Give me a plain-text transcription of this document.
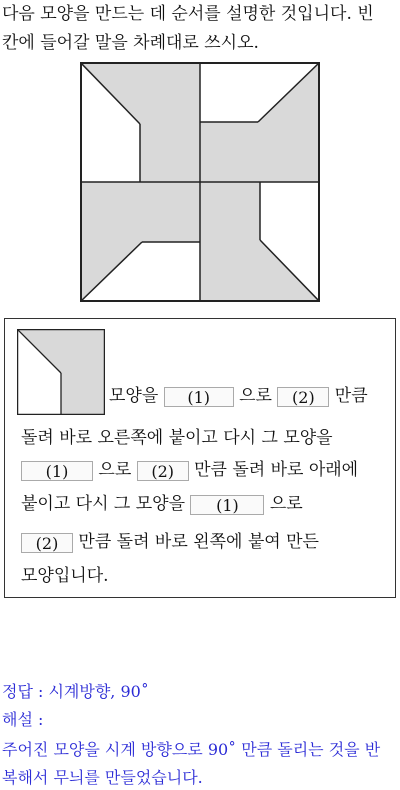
다음 모양을 만드는 데 순서를 설명한 것입니다. 빈
칸에 들어갈 말을 차례대로 쓰시오.
모양을 (1) 으로 (2) 만큼
돌려 바로 오른쪽에 붙이고 다시 그 모양을
(1) 으로 (2) 만큼 돌려 바로 아래에
붙이고 다시 그 모양을 (1) 으로
(2) 만큼 돌려 바로 왼쪽에 붙여 만든
모양입니다.
정답 : 시계방향, 90˚
해설 :
주어진 모양을 시계 방향으로 90˚ 만큼 돌리는 것을 반
복해서 무늬를 만들었습니다.
